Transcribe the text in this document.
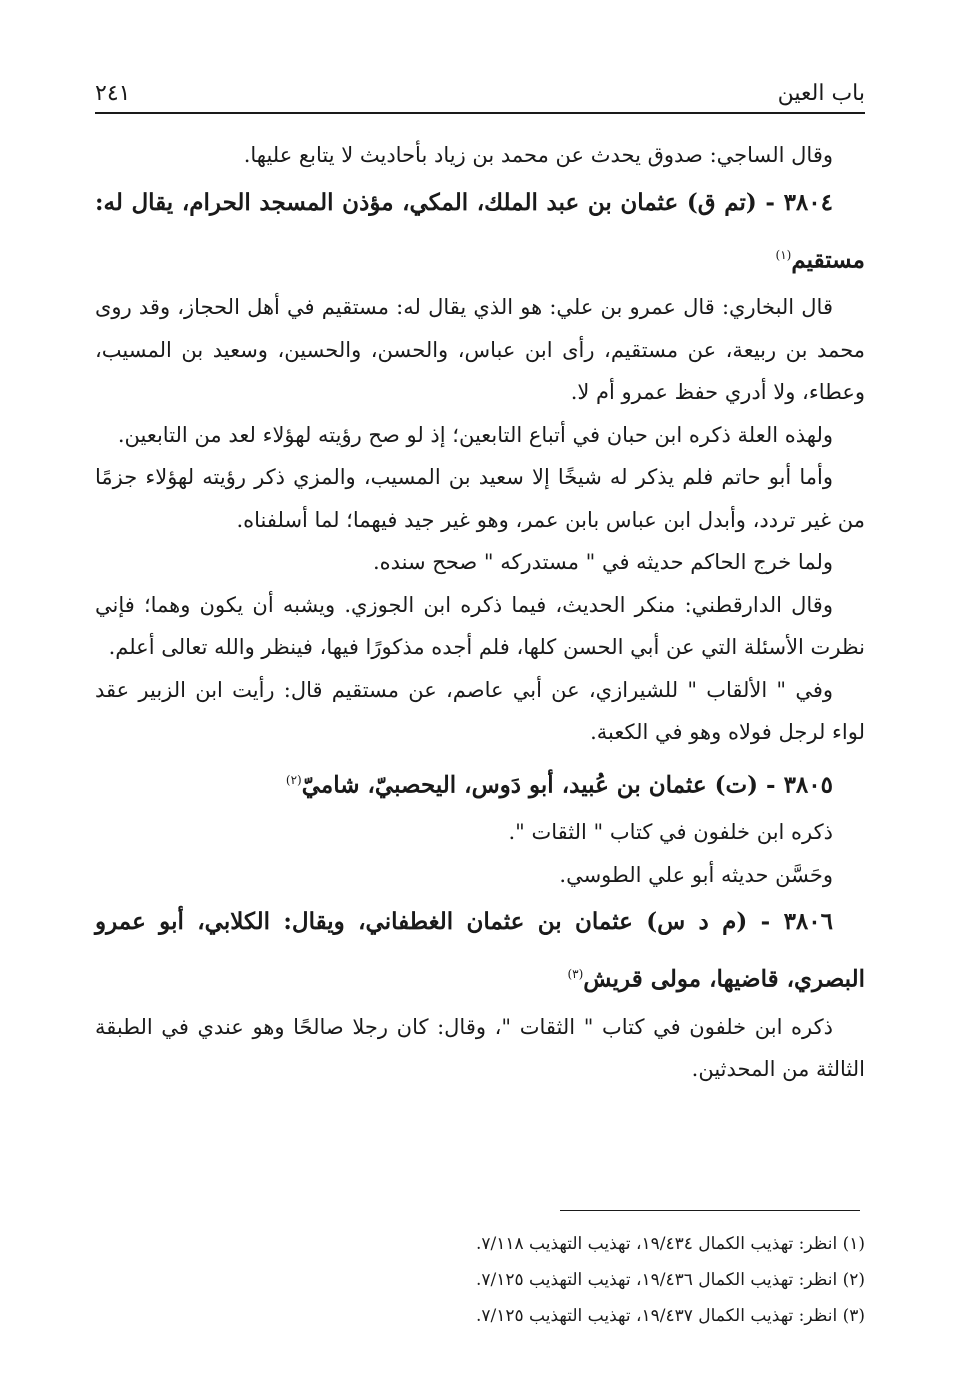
باب العين
٢٤١

وقال الساجي: صدوق يحدث عن محمد بن زياد بأحاديث لا يتابع عليها.

٣٨٠٤ - (تم ق) عثمان بن عبد الملك، المكي، مؤذن المسجد الحرام، يقال له: مستقيم$^{(١)}$

قال البخاري: قال عمرو بن علي: هو الذي يقال له: مستقيم في أهل الحجاز، وقد روى محمد بن ربيعة، عن مستقيم، رأى ابن عباس، والحسن، والحسين، وسعيد بن المسيب، وعطاء، ولا أدري حفظ عمرو أم لا.

ولهذه العلة ذكره ابن حبان في أتباع التابعين؛ إذ لو صح رؤيته لهؤلاء لعد من التابعين.

وأما أبو حاتم فلم يذكر له شيخًا إلا سعيد بن المسيب، والمزي ذكر رؤيته لهؤلاء جزمًا من غير تردد، وأبدل ابن عباس بابن عمر، وهو غير جيد فيهما؛ لما أسلفناه.

ولما خرج الحاكم حديثه في " مستدركه " صحح سنده.

وقال الدارقطني: منكر الحديث، فيما ذكره ابن الجوزي. ويشبه أن يكون وهما؛ فإني نظرت الأسئلة التي عن أبي الحسن كلها، فلم أجده مذكورًا فيها، فينظر والله تعالى أعلم.

وفي " الألقاب " للشيرازي، عن أبي عاصم، عن مستقيم قال: رأيت ابن الزبير عقد لواء لرجل فولاه وهو في الكعبة.

٣٨٠٥ - (ت) عثمان بن عُبيد، أبو دَوس، اليحصبيّ، شاميّ$^{(٢)}$

ذكره ابن خلفون في كتاب " الثقات ".

وحَسَّن حديثه أبو علي الطوسي.

٣٨٠٦ - (م د س) عثمان بن عثمان الغطفاني، ويقال: الكلابي، أبو عمرو البصري، قاضيها، مولى قريش$^{(٣)}$

ذكره ابن خلفون في كتاب " الثقات "، وقال: كان رجلا صالحًا وهو عندي في الطبقة الثالثة من المحدثين.

(١) انظر: تهذيب الكمال ١٩/٤٣٤، تهذيب التهذيب ٧/١١٨.

(٢) انظر: تهذيب الكمال ١٩/٤٣٦، تهذيب التهذيب ٧/١٢٥.

(٣) انظر: تهذيب الكمال ١٩/٤٣٧، تهذيب التهذيب ٧/١٢٥.
